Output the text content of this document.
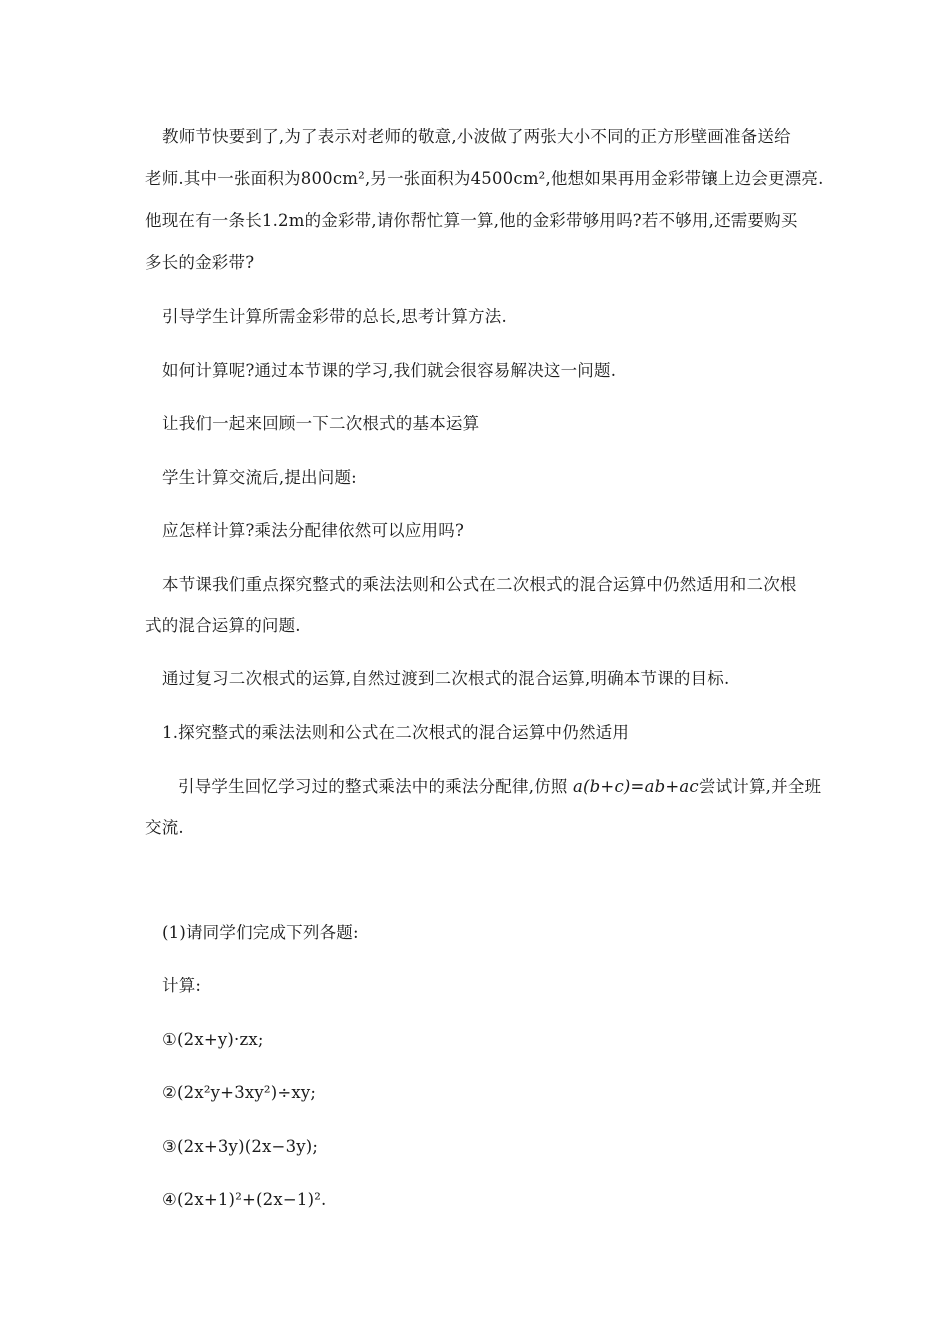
教师节快要到了,为了表示对老师的敬意,小波做了两张大小不同的正方形壁画准备送给
老师.其中一张面积为800cm²,另一张面积为4500cm²,他想如果再用金彩带镶上边会更漂亮.
他现在有一条长1.2m的金彩带,请你帮忙算一算,他的金彩带够用吗?若不够用,还需要购买
多长的金彩带?
引导学生计算所需金彩带的总长,思考计算方法.
如何计算呢?通过本节课的学习,我们就会很容易解决这一问题.
让我们一起来回顾一下二次根式的基本运算
学生计算交流后,提出问题:
应怎样计算?乘法分配律依然可以应用吗?
本节课我们重点探究整式的乘法法则和公式在二次根式的混合运算中仍然适用和二次根
式的混合运算的问题.
通过复习二次根式的运算,自然过渡到二次根式的混合运算,明确本节课的目标.
1.探究整式的乘法法则和公式在二次根式的混合运算中仍然适用
引导学生回忆学习过的整式乘法中的乘法分配律,仿照 a(b+c)=ab+ac尝试计算,并全班
交流.
(1)请同学们完成下列各题:
计算:
①(2x+y)·zx;
②(2x²y+3xy²)÷xy;
③(2x+3y)(2x−3y);
④(2x+1)²+(2x−1)².
